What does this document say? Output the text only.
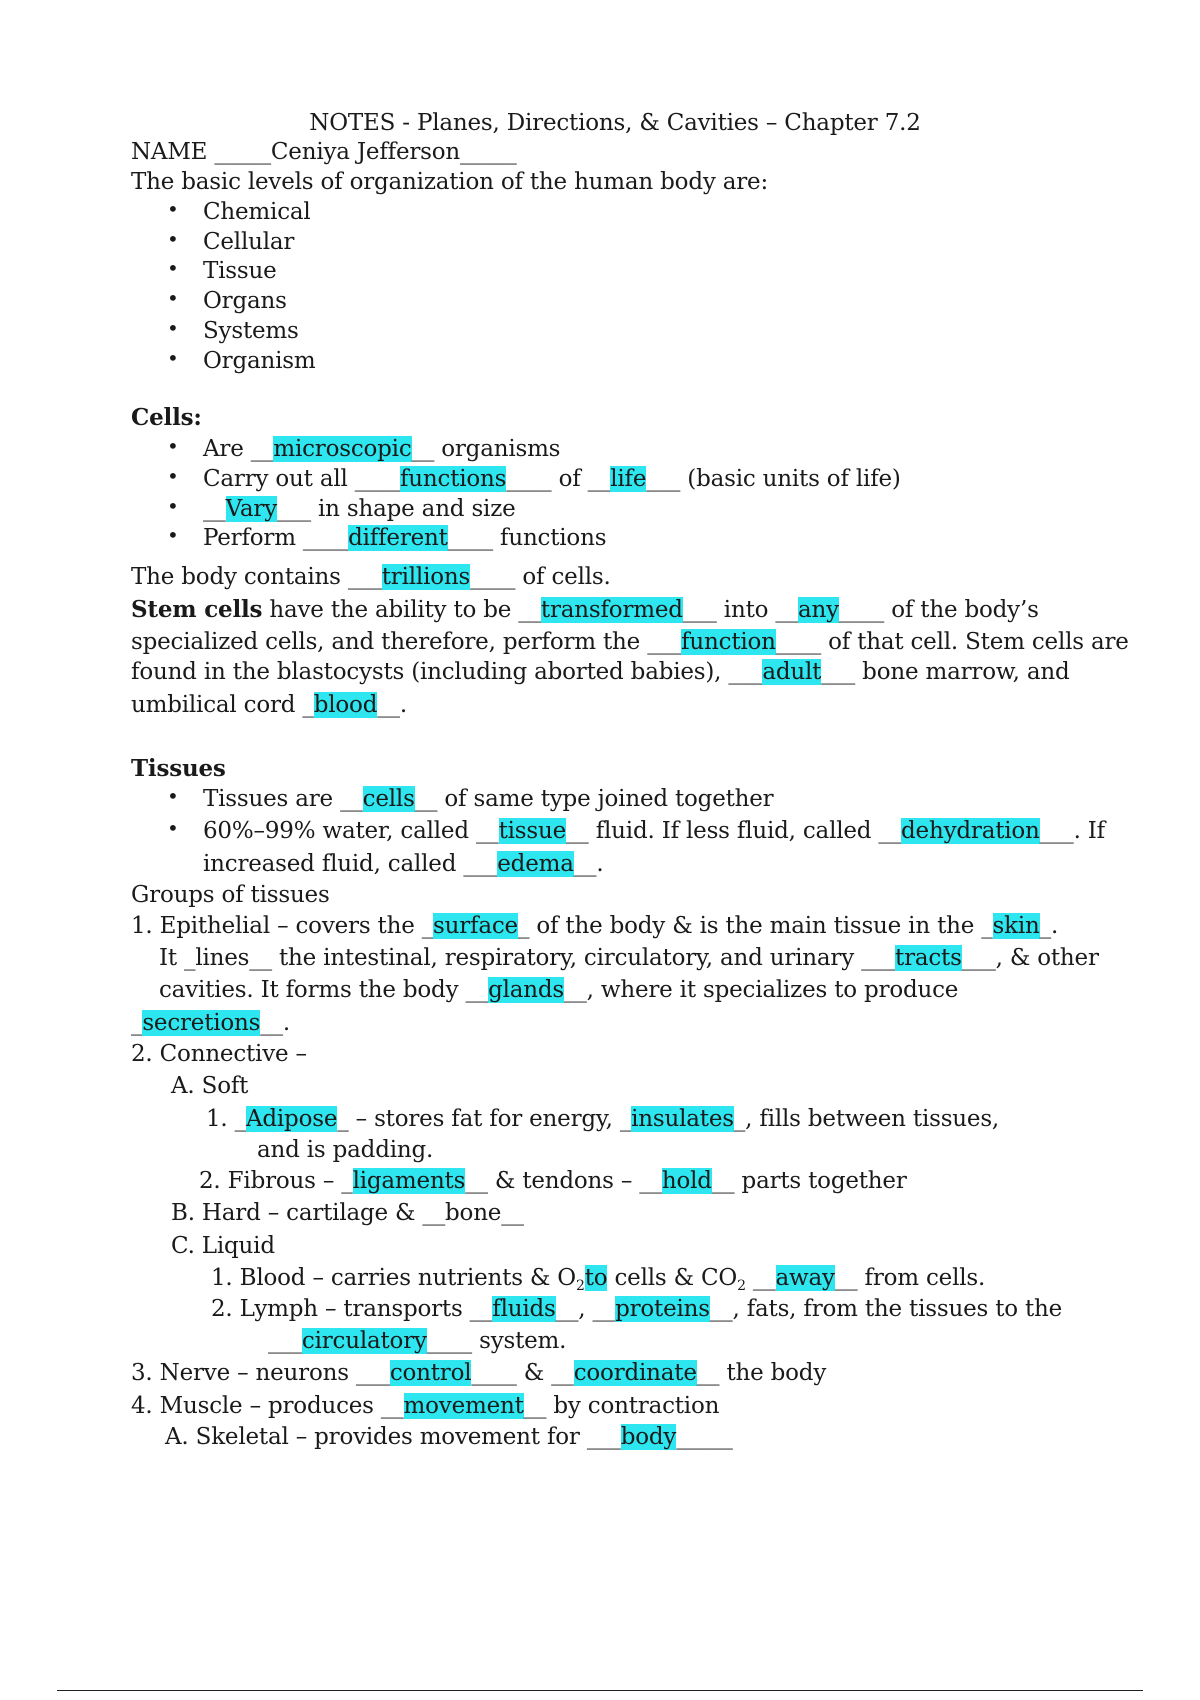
NOTES - Planes, Directions, & Cavities – Chapter 7.2
NAME _____Ceniya Jefferson_____
The basic levels of organization of the human body are:
• Chemical
• Cellular
• Tissue
• Organs
• Systems
• Organism
Cells:
• Are __microscopic__ organisms
• Carry out all ____functions____ of __life___ (basic units of life)
• __Vary___ in shape and size
• Perform ____different____ functions
The body contains ___trillions____ of cells.
Stem cells have the ability to be __transformed___ into __any____ of the body’s
specialized cells, and therefore, perform the ___function____ of that cell. Stem cells are
found in the blastocysts (including aborted babies), ___adult___ bone marrow, and
umbilical cord _blood__.
Tissues
• Tissues are __cells__ of same type joined together
• 60%–99% water, called __tissue__ fluid. If less fluid, called __dehydration___. If
increased fluid, called ___edema__.
Groups of tissues
1. Epithelial – covers the _surface_ of the body & is the main tissue in the _skin_.
It _lines__ the intestinal, respiratory, circulatory, and urinary ___tracts___, & other
cavities. It forms the body __glands__, where it specializes to produce
_secretions__.
2. Connective –
A. Soft
1. _Adipose_ – stores fat for energy, _insulates_, fills between tissues,
and is padding.
2. Fibrous – _ligaments__ & tendons – __hold__ parts together
B. Hard – cartilage & __bone__
C. Liquid
1. Blood – carries nutrients & $O_2to$ cells & $CO_2$ __away__ from cells.
2. Lymph – transports __fluids__, __proteins__, fats, from the tissues to the
___circulatory____ system.
3. Nerve – neurons ___control____ & __coordinate__ the body
4. Muscle – produces __movement__ by contraction
A. Skeletal – provides movement for ___body_____
